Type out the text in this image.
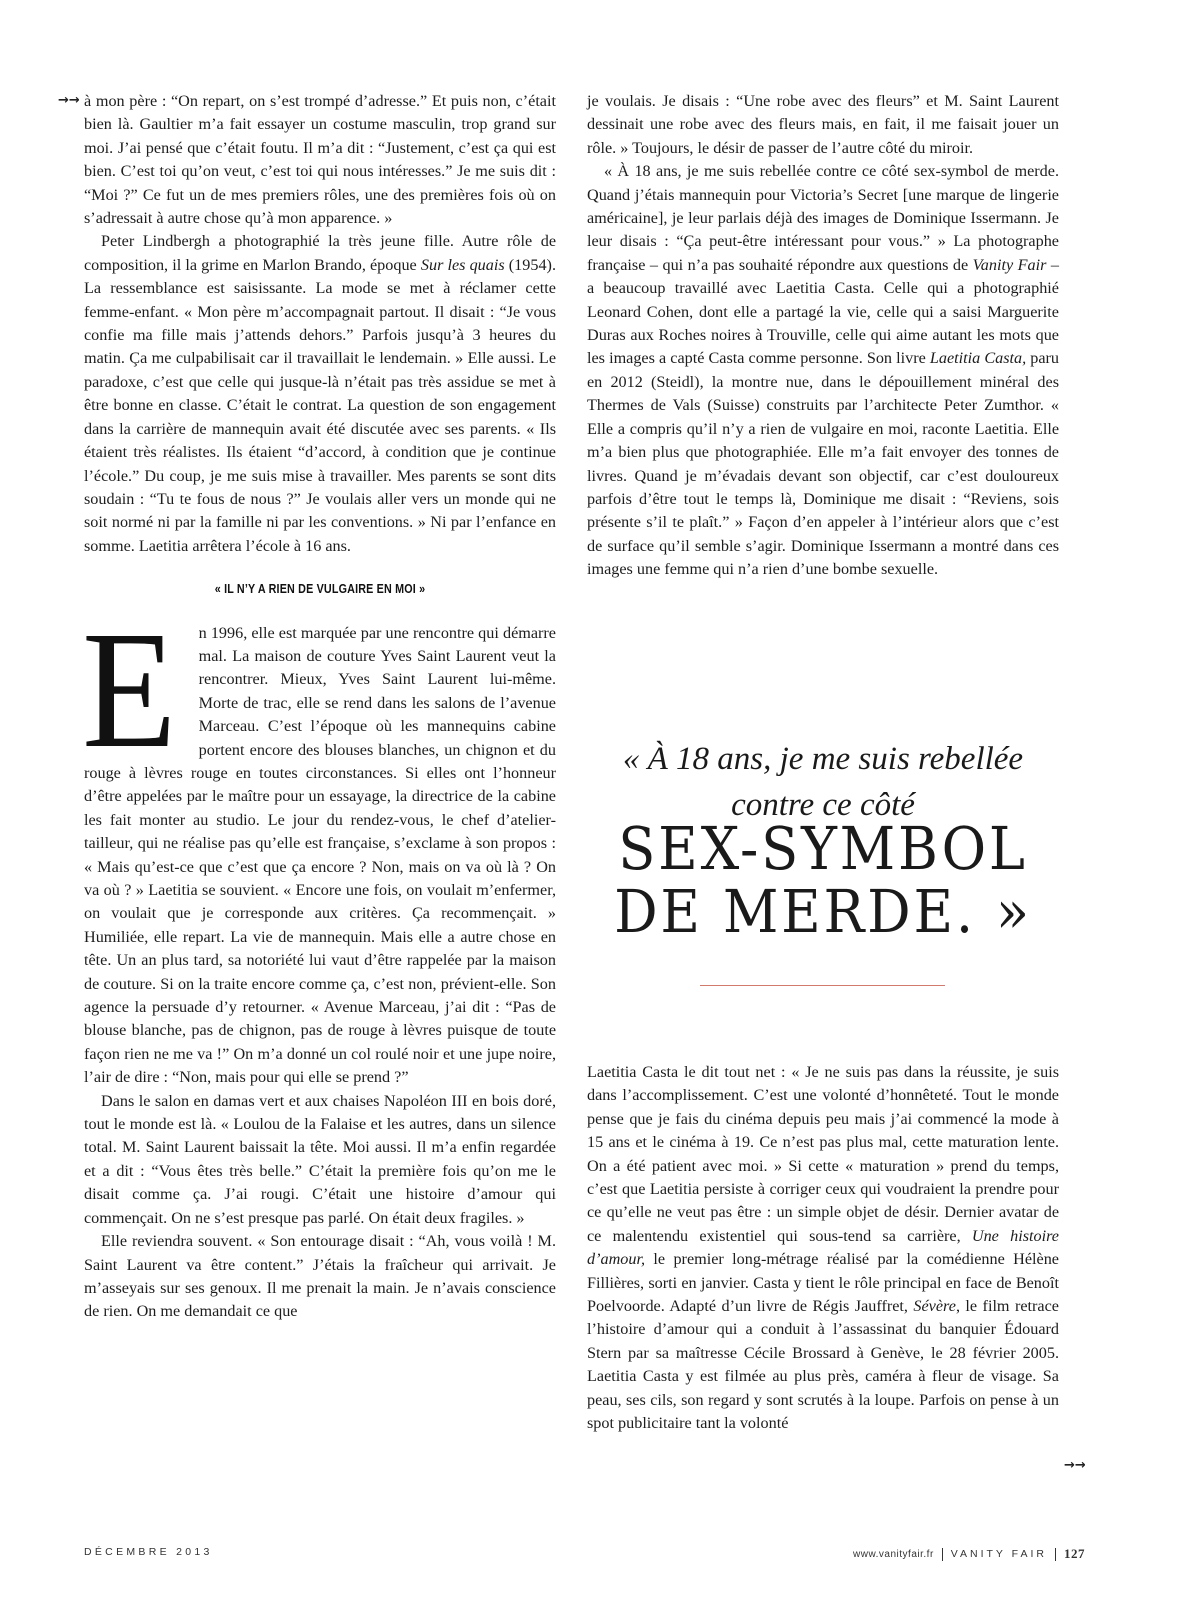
→→ à mon père : “On repart, on s’est trompé d’adresse.” Et puis non, c’était bien là. Gaultier m’a fait essayer un costume masculin, trop grand sur moi. J’ai pensé que c’était foutu. Il m’a dit : “Justement, c’est ça qui est bien. C’est toi qu’on veut, c’est toi qui nous intéresses.” Je me suis dit : “Moi ?” Ce fut un de mes premiers rôles, une des premières fois où on s’adressait à autre chose qu’à mon apparence. »

Peter Lindbergh a photographié la très jeune fille. Autre rôle de composition, il la grime en Marlon Brando, époque Sur les quais (1954). La ressemblance est saisissante. La mode se met à réclamer cette femme-enfant. « Mon père m’accompagnait partout. Il disait : “Je vous confie ma fille mais j’attends dehors.” Parfois jusqu’à 3 heures du matin. Ça me culpabilisait car il travaillait le lendemain. » Elle aussi. Le paradoxe, c’est que celle qui jusque-là n’était pas très assidue se met à être bonne en classe. C’était le contrat. La question de son engagement dans la carrière de mannequin avait été discutée avec ses parents. « Ils étaient très réalistes. Ils étaient “d’accord, à condition que je continue l’école.” Du coup, je me suis mise à travailler. Mes parents se sont dits soudain : “Tu te fous de nous ?” Je voulais aller vers un monde qui ne soit normé ni par la famille ni par les conventions. » Ni par l’enfance en somme. Laetitia arrêtera l’école à 16 ans.

« IL N’Y A RIEN DE VULGAIRE EN MOI »
E	n 1996, elle est marquée par une rencontre qui démarre mal. La maison de couture Yves Saint Laurent veut la rencontrer. Mieux, Yves Saint Laurent lui-même. Morte de trac, elle se rend dans les salons de l’avenue Marceau. C’est l’époque où les mannequins cabine portent encore des blouses blanches, un chignon et du rouge à lèvres rouge en toutes circonstances. Si elles ont l’honneur d’être appelées par le maître pour un essayage, la directrice de la cabine les fait monter au studio. Le jour du rendez-vous, le chef d’atelier-tailleur, qui ne réalise pas qu’elle est française, s’exclame à son propos : « Mais qu’est-ce que c’est que ça encore ? Non, mais on va où là ? On va où ? » Laetitia se souvient. « Encore une fois, on voulait m’enfermer, on voulait que je corresponde aux critères. Ça recommençait. » Humiliée, elle repart. La vie de mannequin. Mais elle a autre chose en tête. Un an plus tard, sa notoriété lui vaut d’être rappelée par la maison de couture. Si on la traite encore comme ça, c’est non, prévient-elle. Son agence la persuade d’y retourner. « Avenue Marceau, j’ai dit : “Pas de blouse blanche, pas de chignon, pas de rouge à lèvres puisque de toute façon rien ne me va !” On m’a donné un col roulé noir et une jupe noire, l’air de dire : “Non, mais pour qui elle se prend ?”

Dans le salon en damas vert et aux chaises Napoléon III en bois doré, tout le monde est là. « Loulou de la Falaise et les autres, dans un silence total. M. Saint Laurent baissait la tête. Moi aussi. Il m’a enfin regardée et a dit : “Vous êtes très belle.” C’était la première fois qu’on me le disait comme ça. J’ai rougi. C’était une histoire d’amour qui commençait. On ne s’est presque pas parlé. On était deux fragiles. »

Elle reviendra souvent. « Son entourage disait : “Ah, vous voilà ! M. Saint Laurent va être content.” J’étais la fraîcheur qui arrivait. Je m’asseyais sur ses genoux. Il me prenait la main. Je n’avais conscience de rien. On me demandait ce que

je voulais. Je disais : “Une robe avec des fleurs” et M. Saint Laurent dessinait une robe avec des fleurs mais, en fait, il me faisait jouer un rôle. » Toujours, le désir de passer de l’autre côté du miroir.

« À 18 ans, je me suis rebellée contre ce côté sex-symbol de merde. Quand j’étais mannequin pour Victoria’s Secret [une marque de lingerie américaine], je leur parlais déjà des images de Dominique Issermann. Je leur disais : “Ça peut-être intéressant pour vous.” » La photographe française – qui n’a pas souhaité répondre aux questions de Vanity Fair – a beaucoup travaillé avec Laetitia Casta. Celle qui a photographié Leonard Cohen, dont elle a partagé la vie, celle qui a saisi Marguerite Duras aux Roches noires à Trouville, celle qui aime autant les mots que les images a capté Casta comme personne. Son livre Laetitia Casta, paru en 2012 (Steidl), la montre nue, dans le dépouillement minéral des Thermes de Vals (Suisse) construits par l’architecte Peter Zumthor. « Elle a compris qu’il n’y a rien de vulgaire en moi, raconte Laetitia. Elle m’a bien plus que photographiée. Elle m’a fait envoyer des tonnes de livres. Quand je m’évadais devant son objectif, car c’est douloureux parfois d’être tout le temps là, Dominique me disait : “Reviens, sois présente s’il te plaît.” » Façon d’en appeler à l’intérieur alors que c’est de surface qu’il semble s’agir. Dominique Issermann a montré dans ces images une femme qui n’a rien d’une bombe sexuelle.

« À 18 ans, je me suis rebellée contre ce côté
SEX-SYMBOL DE MERDE. »

Laetitia Casta le dit tout net : « Je ne suis pas dans la réussite, je suis dans l’accomplissement. C’est une volonté d’honnêteté. Tout le monde pense que je fais du cinéma depuis peu mais j’ai commencé la mode à 15 ans et le cinéma à 19. Ce n’est pas plus mal, cette maturation lente. On a été patient avec moi. » Si cette « maturation » prend du temps, c’est que Laetitia persiste à corriger ceux qui voudraient la prendre pour ce qu’elle ne veut pas être : un simple objet de désir. Dernier avatar de ce malentendu existentiel qui sous-tend sa carrière, Une histoire d’amour, le premier long-métrage réalisé par la comédienne Hélène Fillières, sorti en janvier. Casta y tient le rôle principal en face de Benoît Poelvoorde. Adapté d’un livre de Régis Jauffret, Sévère, le film retrace l’histoire d’amour qui a conduit à l’assassinat du banquier Édouard Stern par sa maîtresse Cécile Brossard à Genève, le 28 février 2005. Laetitia Casta y est filmée au plus près, caméra à fleur de visage. Sa peau, ses cils, son regard y sont scrutés à la loupe. Parfois on pense à un spot publicitaire tant la volonté

→→
DÉCEMBRE 2013	www.vanityfair.fr VANITY FAIR 127
